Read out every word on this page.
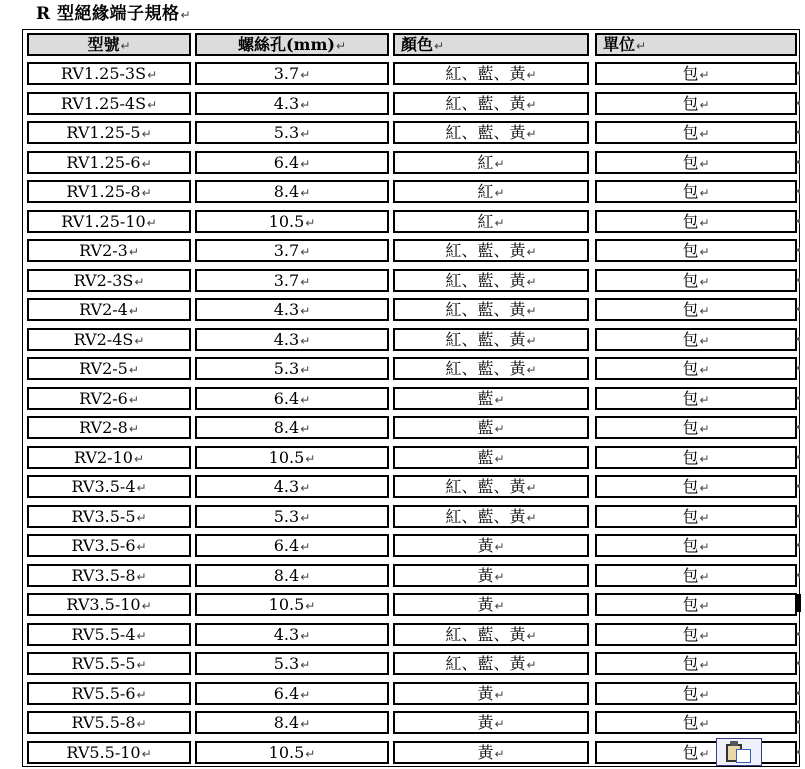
R 型絕緣端子規格↵
型號↵	螺絲孔(mm)↵	顏色↵	單位↵
RV1.25-3S↵	3.7↵	紅、藍、黃↵	包↵
RV1.25-4S↵	4.3↵	紅、藍、黃↵	包↵
RV1.25-5↵	5.3↵	紅、藍、黃↵	包↵
RV1.25-6↵	6.4↵	紅↵	包↵
RV1.25-8↵	8.4↵	紅↵	包↵
RV1.25-10↵	10.5↵	紅↵	包↵
RV2-3↵	3.7↵	紅、藍、黃↵	包↵
RV2-3S↵	3.7↵	紅、藍、黃↵	包↵
RV2-4↵	4.3↵	紅、藍、黃↵	包↵
RV2-4S↵	4.3↵	紅、藍、黃↵	包↵
RV2-5↵	5.3↵	紅、藍、黃↵	包↵
RV2-6↵	6.4↵	藍↵	包↵
RV2-8↵	8.4↵	藍↵	包↵
RV2-10↵	10.5↵	藍↵	包↵
RV3.5-4↵	4.3↵	紅、藍、黃↵	包↵
RV3.5-5↵	5.3↵	紅、藍、黃↵	包↵
RV3.5-6↵	6.4↵	黃↵	包↵
RV3.5-8↵	8.4↵	黃↵	包↵
RV3.5-10↵	10.5↵	黃↵	包↵
RV5.5-4↵	4.3↵	紅、藍、黃↵	包↵
RV5.5-5↵	5.3↵	紅、藍、黃↵	包↵
RV5.5-6↵	6.4↵	黃↵	包↵
RV5.5-8↵	8.4↵	黃↵	包↵
RV5.5-10↵	10.5↵	黃↵	包↵
